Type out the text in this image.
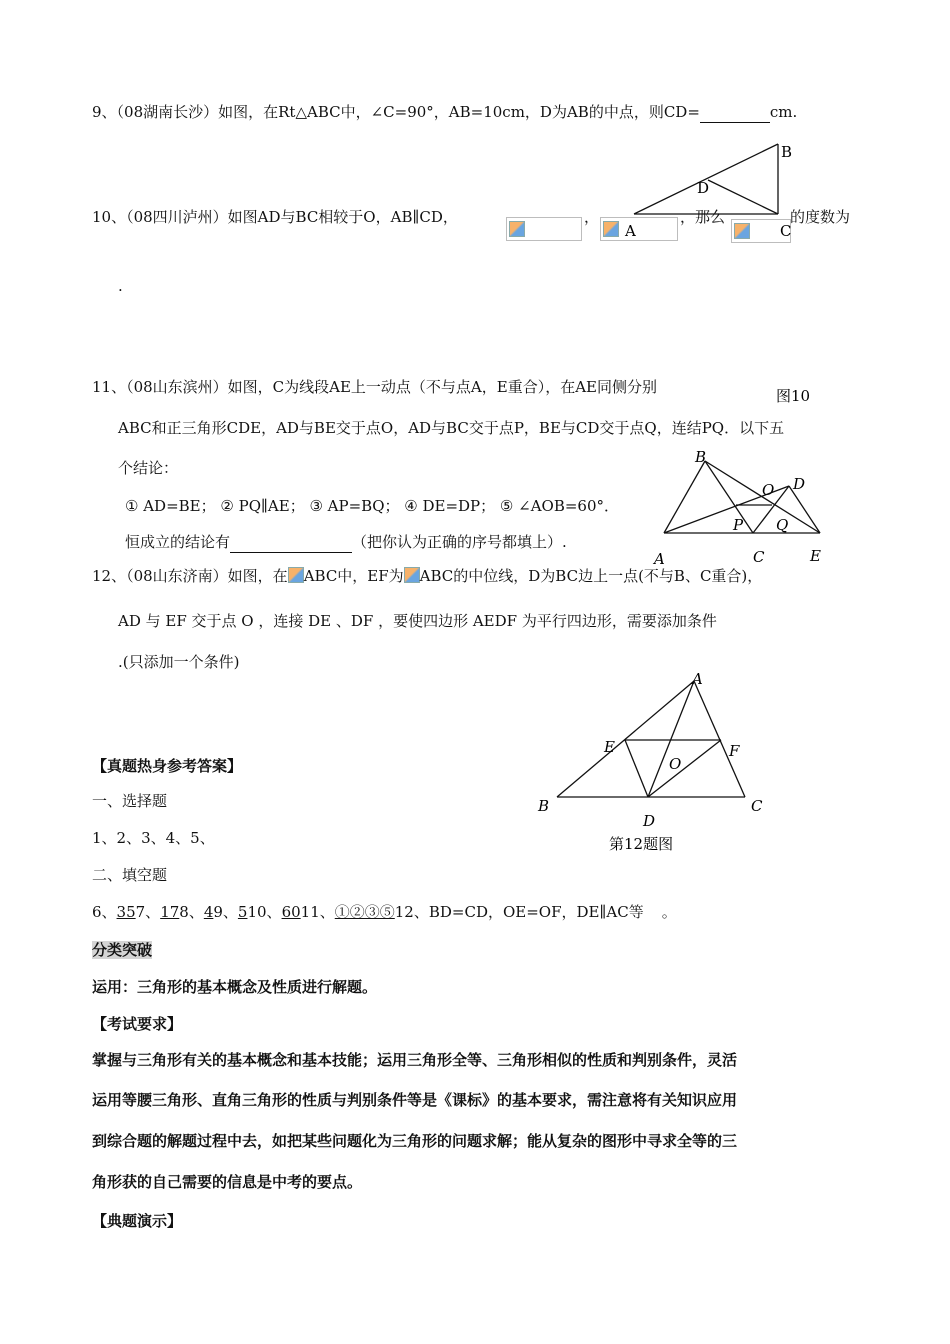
9、（08湖南长沙）如图，在Rt△ABC中，∠C=90°，AB=10cm，D为AB的中点，则CD=	cm.
10、（08四川泸州）如图AD与BC相较于O，AB∥CD，	，	，那么	的度数为
.
B
D
A	C
图10
11、（08山东滨州）如图，C为线段AE上一动点（不与点A，E重合），在AE同侧分别
ABC和正三角形CDE，AD与BE交于点O，AD与BC交于点P，BE与CD交于点Q，连结PQ．以下五
个结论：
① AD=BE； ② PQ∥AE； ③ AP=BQ； ④ DE=DP； ⑤ ∠AOB=60°．
恒成立的结论有	（把你认为正确的序号都填上）.
B
O D
P Q
A	C	E
12、（08山东济南）如图，在 ABC中，EF为 ABC的中位线，D为BC边上一点(不与B、C重合)，
AD 与 EF 交于点 O ，连接 DE 、DF ，要使四边形 AEDF 为平行四边形，需要添加条件
.(只添加一个条件)
A
E	F
O
B
D
C
第12题图
【真题热身参考答案】
一、选择题
1、2、3、4、5、
二、填空题
6、357、178、49、510、6011、①②③⑤12、BD=CD，OE=OF，DE∥AC等 。
分类突破
运用：三角形的基本概念及性质进行解题。
【考试要求】
掌握与三角形有关的基本概念和基本技能；运用三角形全等、三角形相似的性质和判别条件，灵活
运用等腰三角形、直角三角形的性质与判别条件等是《课标》的基本要求，需注意将有关知识应用
到综合题的解题过程中去，如把某些问题化为三角形的问题求解；能从复杂的图形中寻求全等的三
角形获的自己需要的信息是中考的要点。
【典题演示】
